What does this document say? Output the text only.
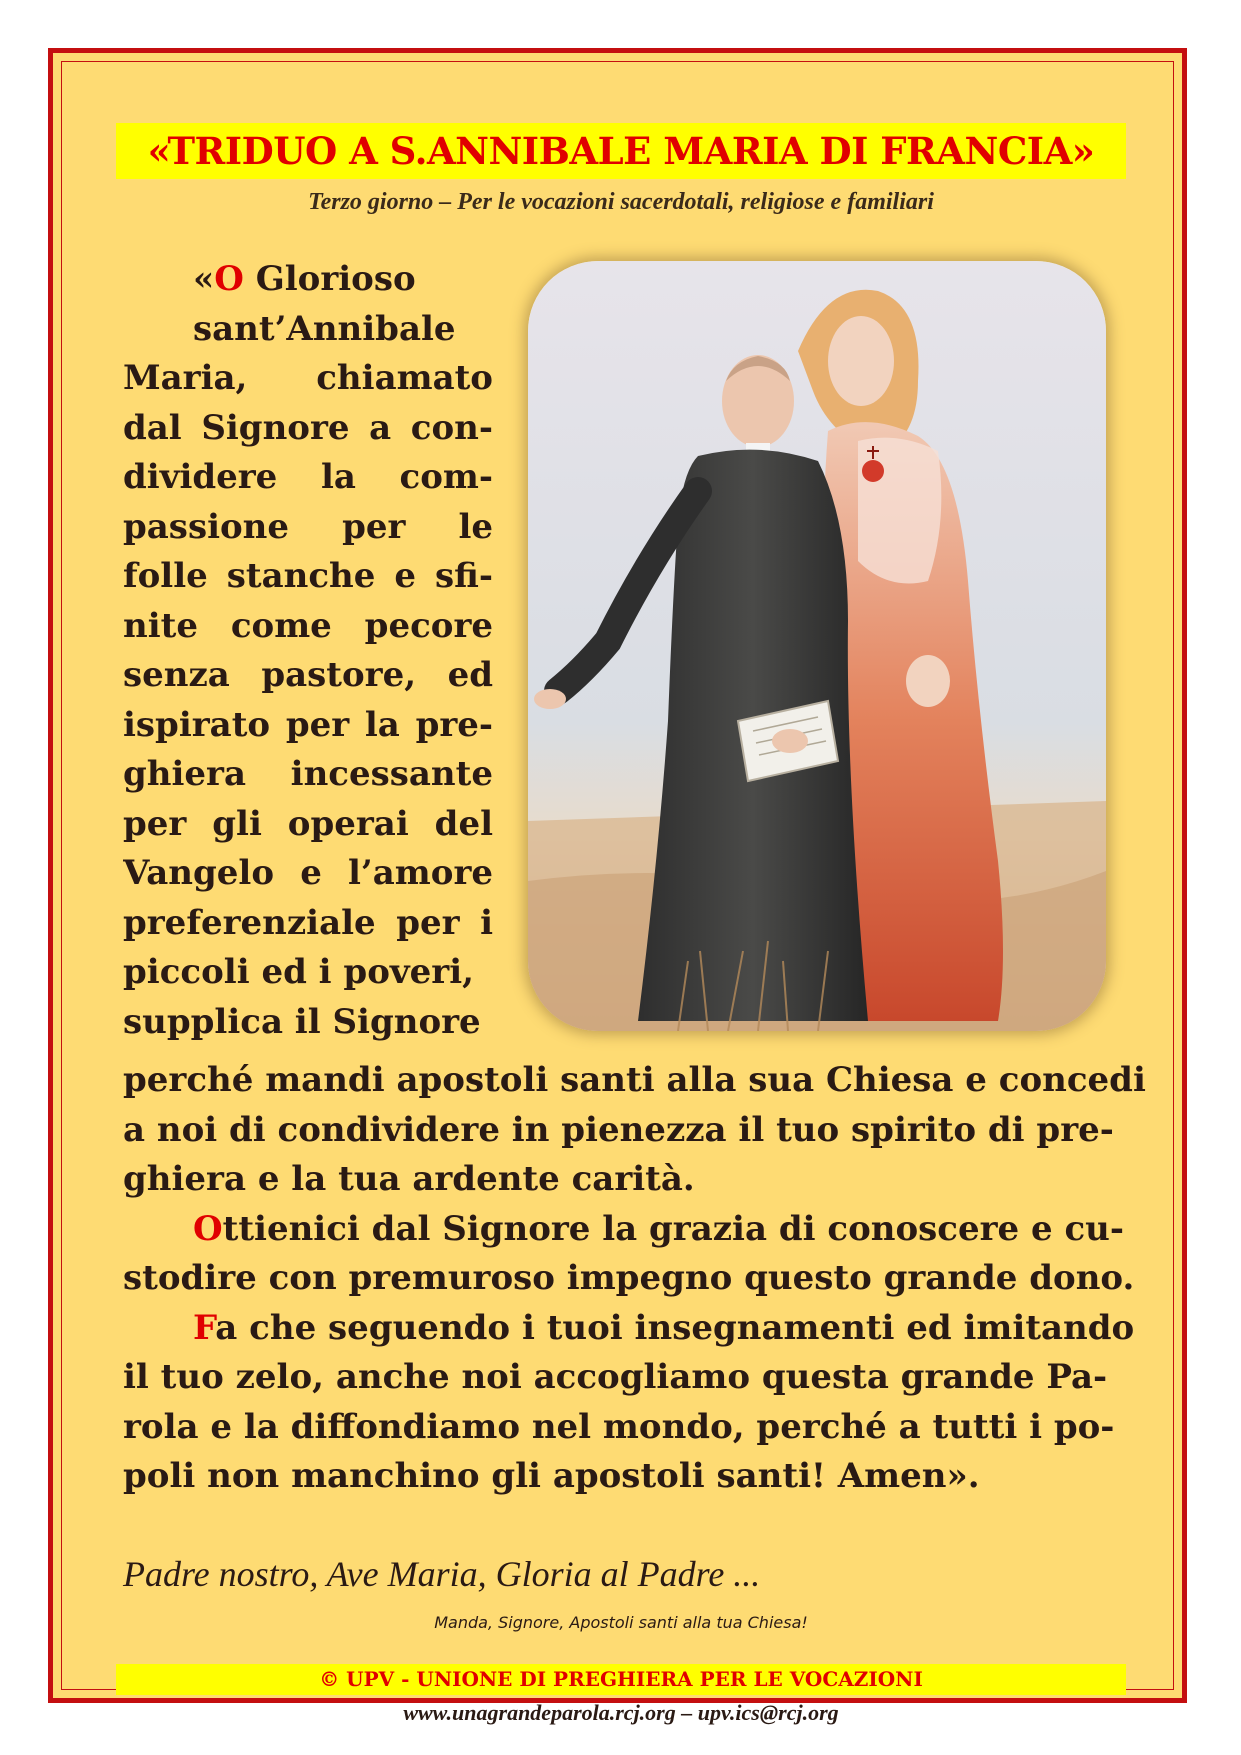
«TRIDUO A S.ANNIBALE MARIA DI FRANCIA»
Terzo giorno – Per le vocazioni sacerdotali, religiose e familiari
«O Glorioso
sant’Annibale
Maria, chiamato
dal Signore a con-
dividere la com-
passione per le
folle stanche e sfi-
nite come pecore
senza pastore, ed
ispirato per la pre-
ghiera incessante
per gli operai del
Vangelo e l’amore
preferenziale per i
piccoli ed i poveri,
supplica il Signore
perché mandi apostoli santi alla sua Chiesa e concedi
a noi di condividere in pienezza il tuo spirito di pre-
ghiera e la tua ardente carità.
Ottienici dal Signore la grazia di conoscere e cu-
stodire con premuroso impegno questo grande dono.
Fa che seguendo i tuoi insegnamenti ed imitando
il tuo zelo, anche noi accogliamo questa grande Pa-
rola e la diffondiamo nel mondo, perché a tutti i po-
poli non manchino gli apostoli santi! Amen».
Padre nostro, Ave Maria, Gloria al Padre ...
Manda, Signore, Apostoli santi alla tua Chiesa!
© UPV - UNIONE DI PREGHIERA PER LE VOCAZIONI
www.unagrandeparola.rcj.org – upv.ics@rcj.org
